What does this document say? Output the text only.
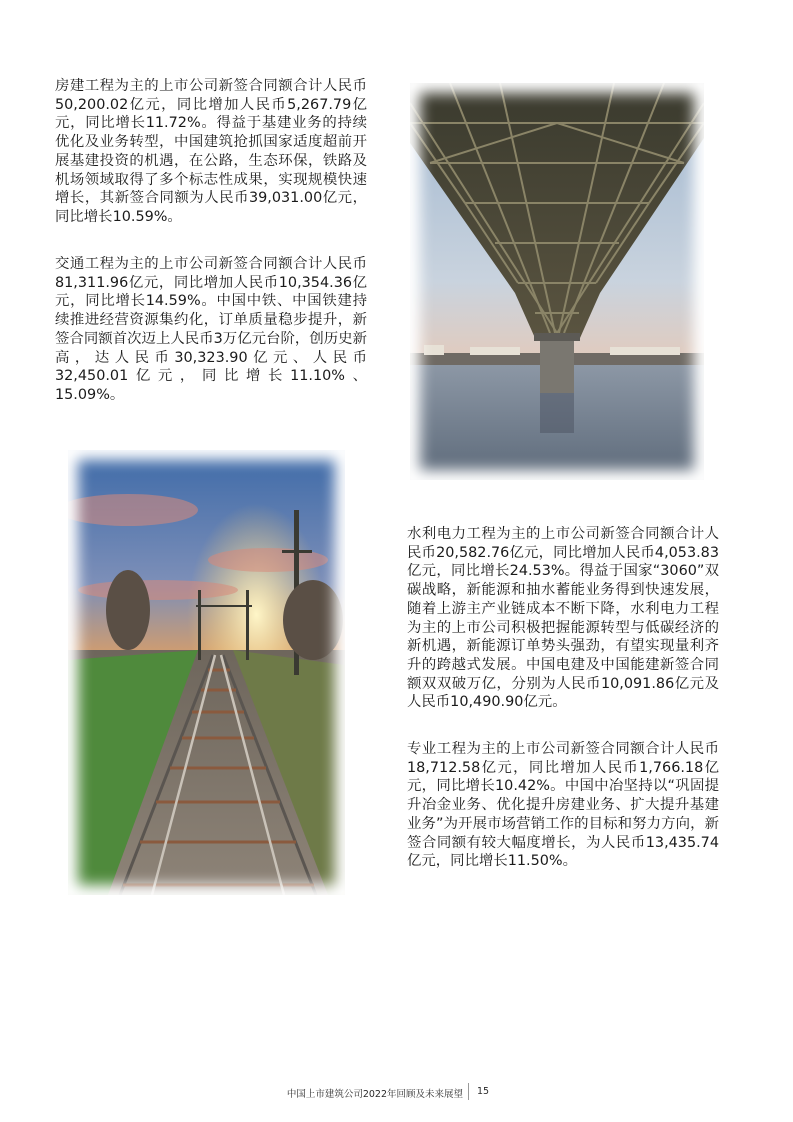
房建工程为主的上市公司新签合同额合计人民币50,200.02亿元，同比增加人民币5,267.79亿元，同比增长11.72%。得益于基建业务的持续优化及业务转型，中国建筑抢抓国家适度超前开展基建投资的机遇，在公路，生态环保，铁路及机场领域取得了多个标志性成果，实现规模快速增长，其新签合同额为人民币39,031.00亿元，同比增长10.59%。

交通工程为主的上市公司新签合同额合计人民币81,311.96亿元，同比增加人民币10,354.36亿元，同比增长14.59%。中国中铁、中国铁建持续推进经营资源集约化，订单质量稳步提升，新签合同额首次迈上人民币3万亿元台阶，创历史新高，达人民币30,323.90亿元、人民币32,450.01亿元，同比增长11.10%、15.09%。

水利电力工程为主的上市公司新签合同额合计人民币20,582.76亿元，同比增加人民币4,053.83亿元，同比增长24.53%。得益于国家“3060”双碳战略，新能源和抽水蓄能业务得到快速发展，随着上游主产业链成本不断下降，水利电力工程为主的上市公司积极把握能源转型与低碳经济的新机遇，新能源订单势头强劲，有望实现量利齐升的跨越式发展。中国电建及中国能建新签合同额双双破万亿，分别为人民币10,091.86亿元及人民币10,490.90亿元。

专业工程为主的上市公司新签合同额合计人民币18,712.58亿元，同比增加人民币1,766.18亿元，同比增长10.42%。中国中冶坚持以“巩固提升冶金业务、优化提升房建业务、扩大提升基建业务”为开展市场营销工作的目标和努力方向，新签合同额有较大幅度增长，为人民币13,435.74亿元，同比增长11.50%。

中国上市建筑公司2022年回顾及未来展望 15
